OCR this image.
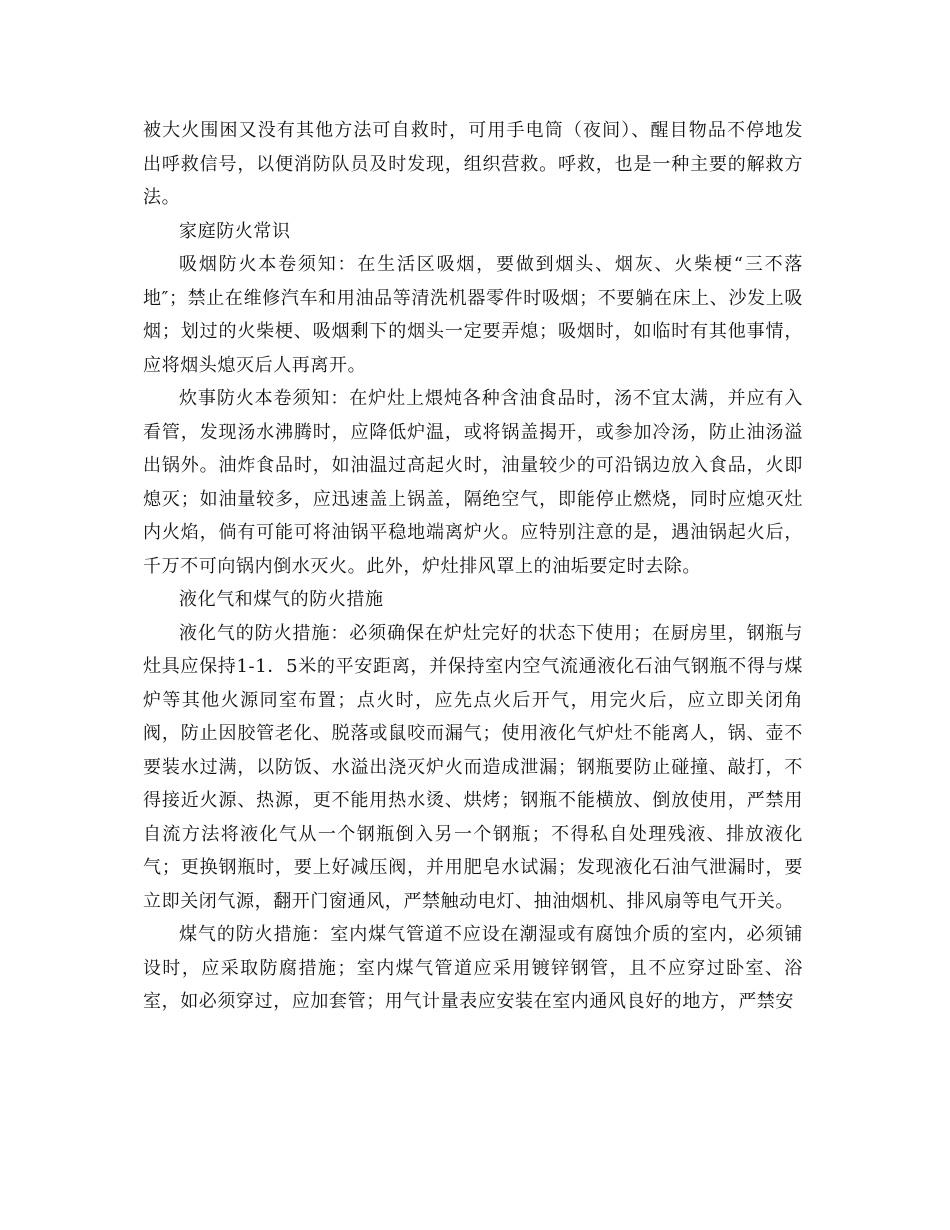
被大火围困又没有其他方法可自救时，可用手电筒（夜间）、醒目物品不停地发出呼救信号，以便消防队员及时发现，组织营救。呼救，也是一种主要的解救方法。

家庭防火常识

吸烟防火本卷须知：在生活区吸烟，要做到烟头、烟灰、火柴梗“三不落地″；禁止在维修汽车和用油品等清洗机器零件时吸烟；不要躺在床上、沙发上吸烟；划过的火柴梗、吸烟剩下的烟头一定要弄熄；吸烟时，如临时有其他事情，应将烟头熄灭后人再离开。

炊事防火本卷须知：在炉灶上煨炖各种含油食品时，汤不宜太满，并应有入看管，发现汤水沸腾时，应降低炉温，或将锅盖揭开，或参加冷汤，防止油汤溢出锅外。油炸食品时，如油温过高起火时，油量较少的可沿锅边放入食品，火即熄灭；如油量较多，应迅速盖上锅盖，隔绝空气，即能停止燃烧，同时应熄灭灶内火焰，倘有可能可将油锅平稳地端离炉火。应特别注意的是，遇油锅起火后，千万不可向锅内倒水灭火。此外，炉灶排风罩上的油垢要定时去除。

液化气和煤气的防火措施

液化气的防火措施：必须确保在炉灶完好的状态下使用；在厨房里，钢瓶与灶具应保持1-1．5米的平安距离，并保持室内空气流通液化石油气钢瓶不得与煤炉等其他火源同室布置；点火时，应先点火后开气，用完火后，应立即关闭角阀，防止因胶管老化、脱落或鼠咬而漏气；使用液化气炉灶不能离人，锅、壶不要装水过满，以防饭、水溢出浇灭炉火而造成泄漏；钢瓶要防止碰撞、敲打，不得接近火源、热源，更不能用热水烫、烘烤；钢瓶不能横放、倒放使用，严禁用自流方法将液化气从一个钢瓶倒入另一个钢瓶；不得私自处理残液、排放液化气；更换钢瓶时，要上好减压阀，并用肥皂水试漏；发现液化石油气泄漏时，要立即关闭气源，翻开门窗通风，严禁触动电灯、抽油烟机、排风扇等电气开关。

煤气的防火措施：室内煤气管道不应设在潮湿或有腐蚀介质的室内，必须铺设时，应采取防腐措施；室内煤气管道应采用镀锌钢管，且不应穿过卧室、浴室，如必须穿过，应加套管；用气计量表应安装在室内通风良好的地方，严禁安
